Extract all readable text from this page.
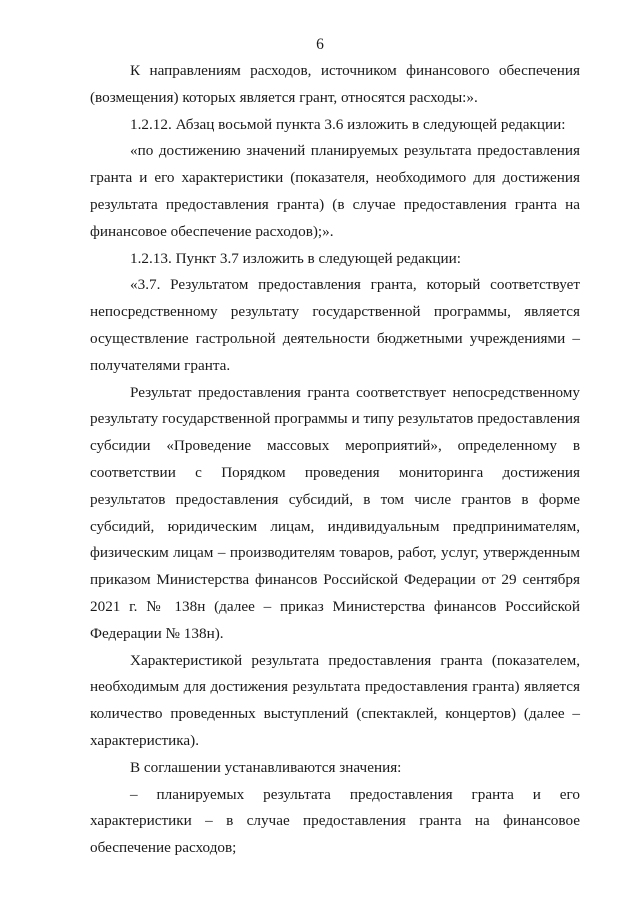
6

К направлениям расходов, источником финансового обеспечения (возмещения) которых является грант, относятся расходы:».

1.2.12. Абзац восьмой пункта 3.6 изложить в следующей редакции:

«по достижению значений планируемых результата предоставления гранта и его характеристики (показателя, необходимого для достижения результата предоставления гранта) (в случае предоставления гранта на финансовое обеспечение расходов);».

1.2.13. Пункт 3.7 изложить в следующей редакции:

«3.7. Результатом предоставления гранта, который соответствует непосредственному результату государственной программы, является осуществление гастрольной деятельности бюджетными учреждениями – получателями гранта.

Результат предоставления гранта соответствует непосредственному результату государственной программы и типу результатов предоставления субсидии «Проведение массовых мероприятий», определенному в соответствии с Порядком проведения мониторинга достижения результатов предоставления субсидий, в том числе грантов в форме субсидий, юридическим лицам, индивидуальным предпринимателям, физическим лицам – производителям товаров, работ, услуг, утвержденным приказом Министерства финансов Российской Федерации от 29 сентября 2021 г. № 138н (далее – приказ Министерства финансов Российской Федерации № 138н).

Характеристикой результата предоставления гранта (показателем, необходимым для достижения результата предоставления гранта) является количество проведенных выступлений (спектаклей, концертов) (далее – характеристика).

В соглашении устанавливаются значения:

– планируемых результата предоставления гранта и его характеристики – в случае предоставления гранта на финансовое обеспечение расходов;
